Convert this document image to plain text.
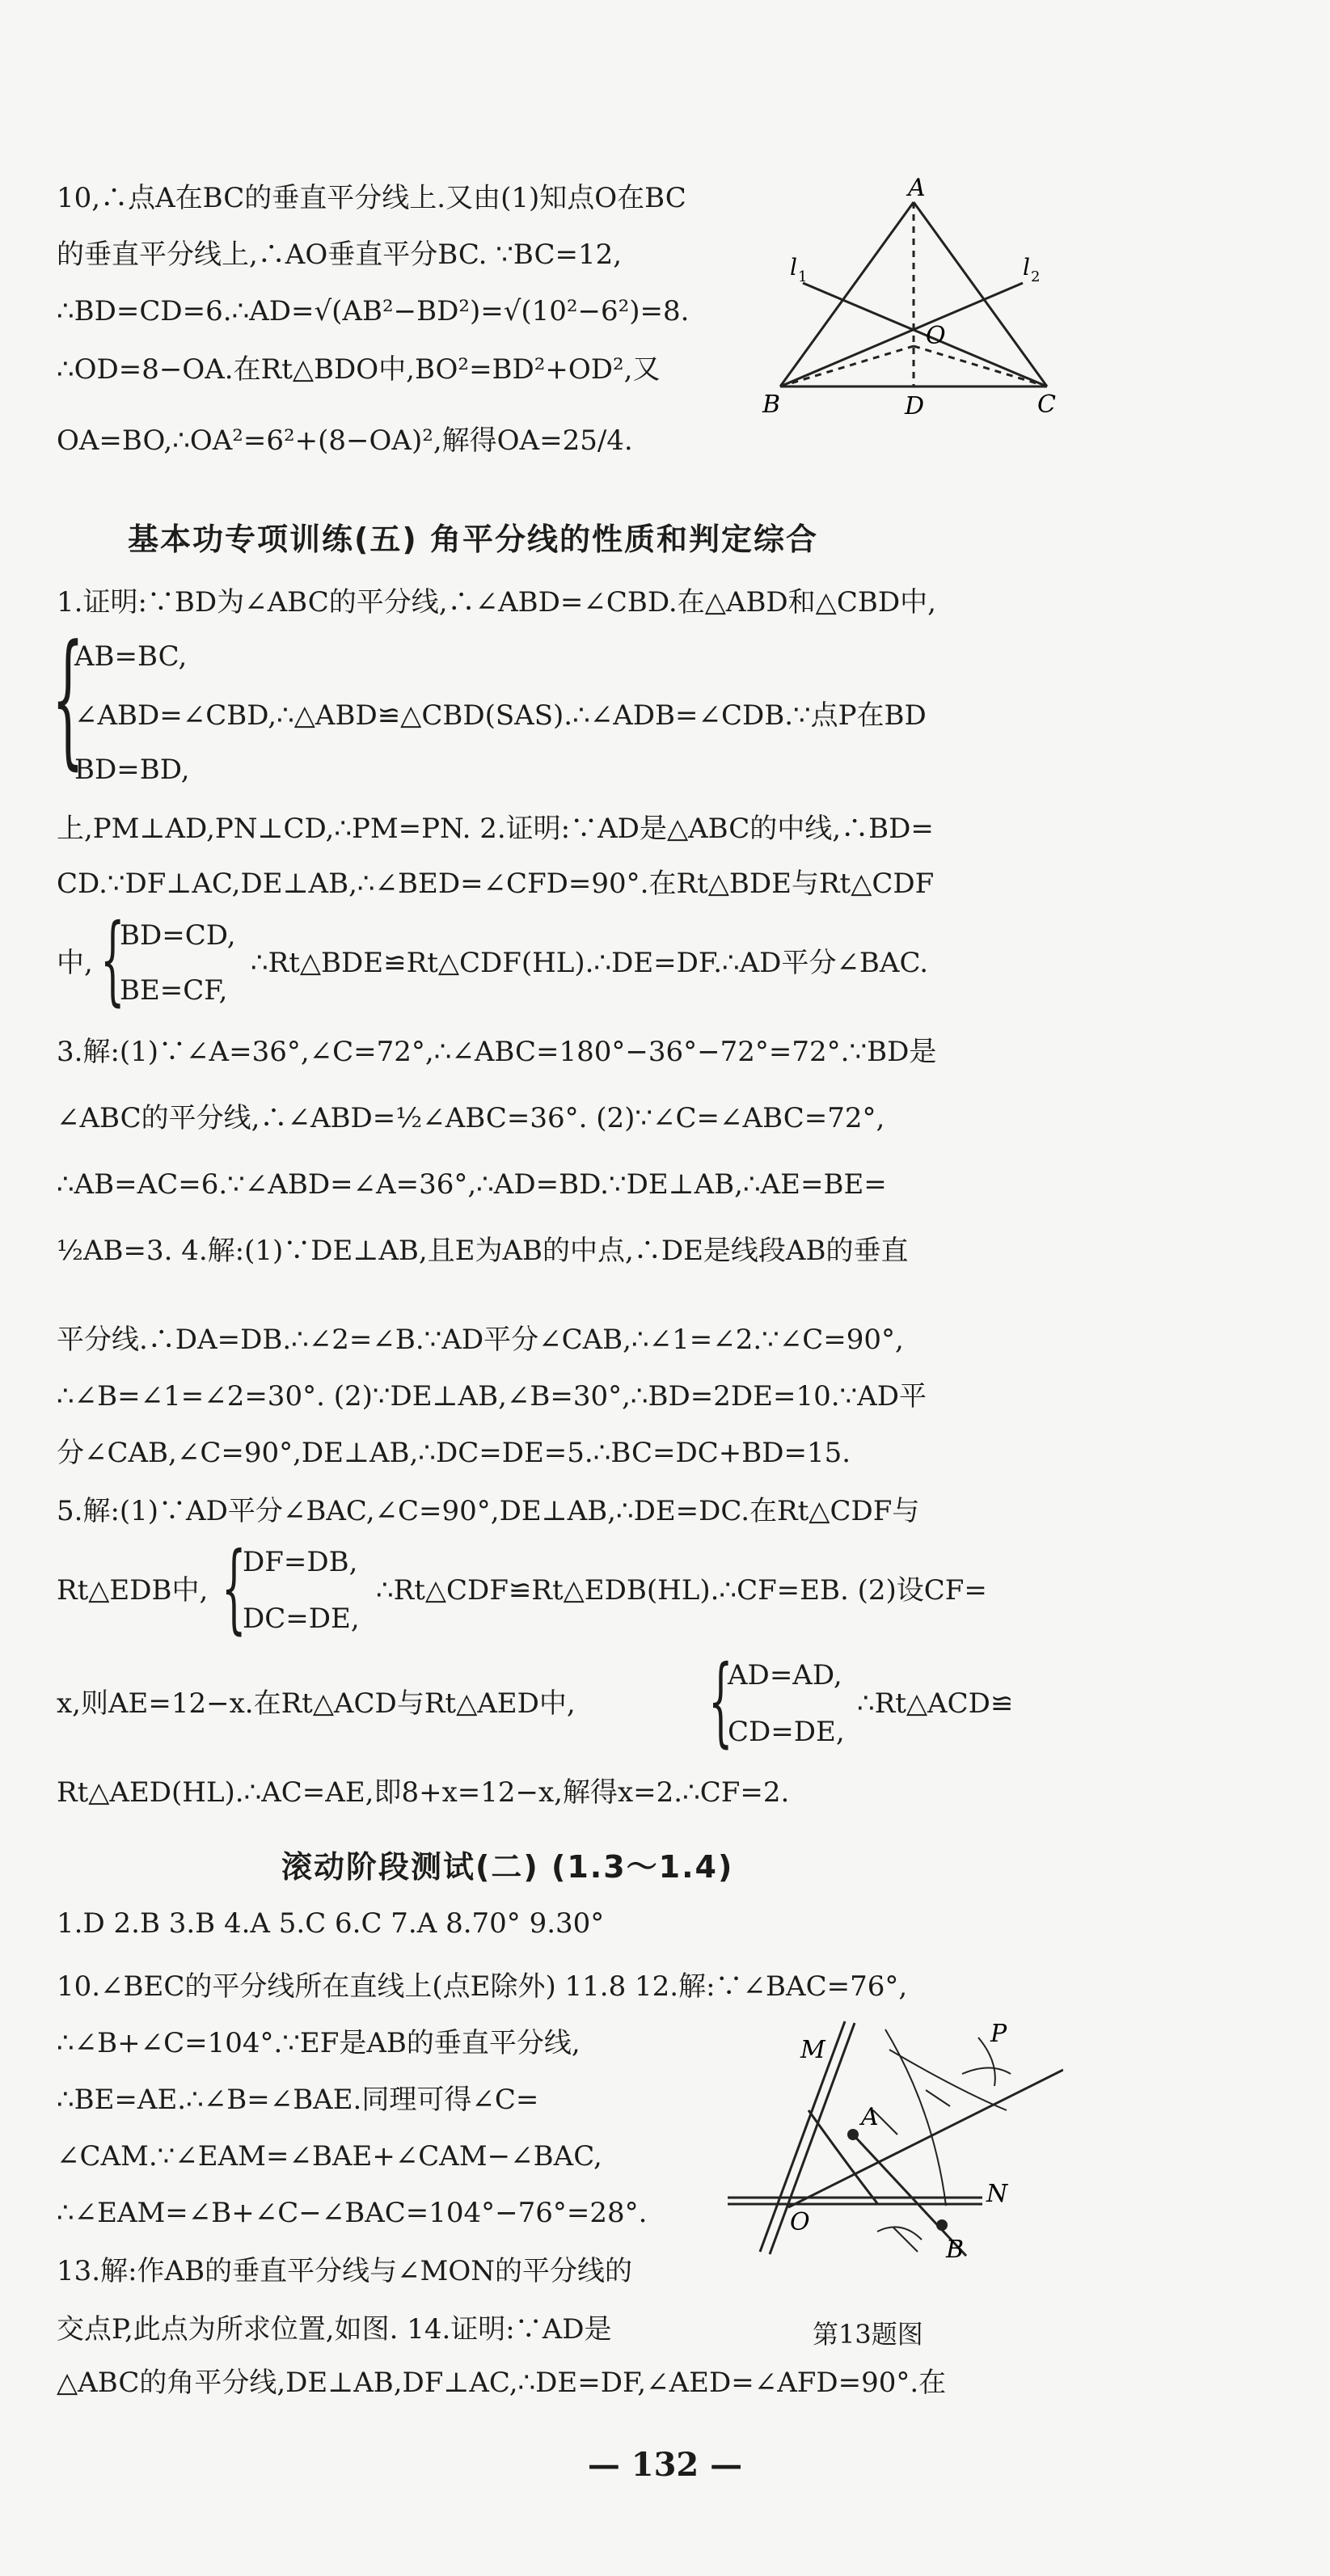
10,∴点A在BC的垂直平分线上.又由(1)知点O在BC
的垂直平分线上,∴AO垂直平分BC. ∵BC=12,
∴BD=CD=6.∴AD=√(AB²−BD²)=√(10²−6²)=8.
∴OD=8−OA.在Rt△BDO中,BO²=BD²+OD²,又
OA=BO,∴OA²=6²+(8−OA)²,解得OA=25/4.
A
B	C
D
O
l 1	l 2
基本功专项训练(五) 角平分线的性质和判定综合
1.证明:∵BD为∠ABC的平分线,∴∠ABD=∠CBD.在△ABD和△CBD中,
{
AB=BC,
∠ABD=∠CBD,∴△ABD≌△CBD(SAS).∴∠ADB=∠CDB.∵点P在BD
BD=BD,
上,PM⊥AD,PN⊥CD,∴PM=PN. 2.证明:∵AD是△ABC的中线,∴BD=
CD.∵DF⊥AC,DE⊥AB,∴∠BED=∠CFD=90°.在Rt△BDE与Rt△CDF
BD=CD,
中, {	∴Rt△BDE≌Rt△CDF(HL).∴DE=DF.∴AD平分∠BAC.
BE=CF,
3.解:(1)∵∠A=36°,∠C=72°,∴∠ABC=180°−36°−72°=72°.∵BD是
∠ABC的平分线,∴∠ABD=½∠ABC=36°. (2)∵∠C=∠ABC=72°,
∴AB=AC=6.∵∠ABD=∠A=36°,∴AD=BD.∵DE⊥AB,∴AE=BE=
½AB=3. 4.解:(1)∵DE⊥AB,且E为AB的中点,∴DE是线段AB的垂直
平分线.∴DA=DB.∴∠2=∠B.∵AD平分∠CAB,∴∠1=∠2.∵∠C=90°,
∴∠B=∠1=∠2=30°. (2)∵DE⊥AB,∠B=30°,∴BD=2DE=10.∵AD平
分∠CAB,∠C=90°,DE⊥AB,∴DC=DE=5.∴BC=DC+BD=15.
5.解:(1)∵AD平分∠BAC,∠C=90°,DE⊥AB,∴DE=DC.在Rt△CDF与
DF=DB,
Rt△EDB中, {	∴Rt△CDF≌Rt△EDB(HL).∴CF=EB. (2)设CF=
DC=DE,
AD=AD,
x,则AE=12−x.在Rt△ACD与Rt△AED中, {	∴Rt△ACD≌
CD=DE,
Rt△AED(HL).∴AC=AE,即8+x=12−x,解得x=2.∴CF=2.
滚动阶段测试(二) (1.3～1.4)
1.D 2.B 3.B 4.A 5.C 6.C 7.A 8.70° 9.30°
10.∠BEC的平分线所在直线上(点E除外) 11.8 12.解:∵∠BAC=76°,
∴∠B+∠C=104°.∵EF是AB的垂直平分线,
∴BE=AE.∴∠B=∠BAE.同理可得∠C=
∠CAM.∵∠EAM=∠BAE+∠CAM−∠BAC,
∴∠EAM=∠B+∠C−∠BAC=104°−76°=28°.
13.解:作AB的垂直平分线与∠MON的平分线的
交点P,此点为所求位置,如图. 14.证明:∵AD是
M
N
O
A
B
P
第13题图
△ABC的角平分线,DE⊥AB,DF⊥AC,∴DE=DF,∠AED=∠AFD=90°.在
— 132 —
